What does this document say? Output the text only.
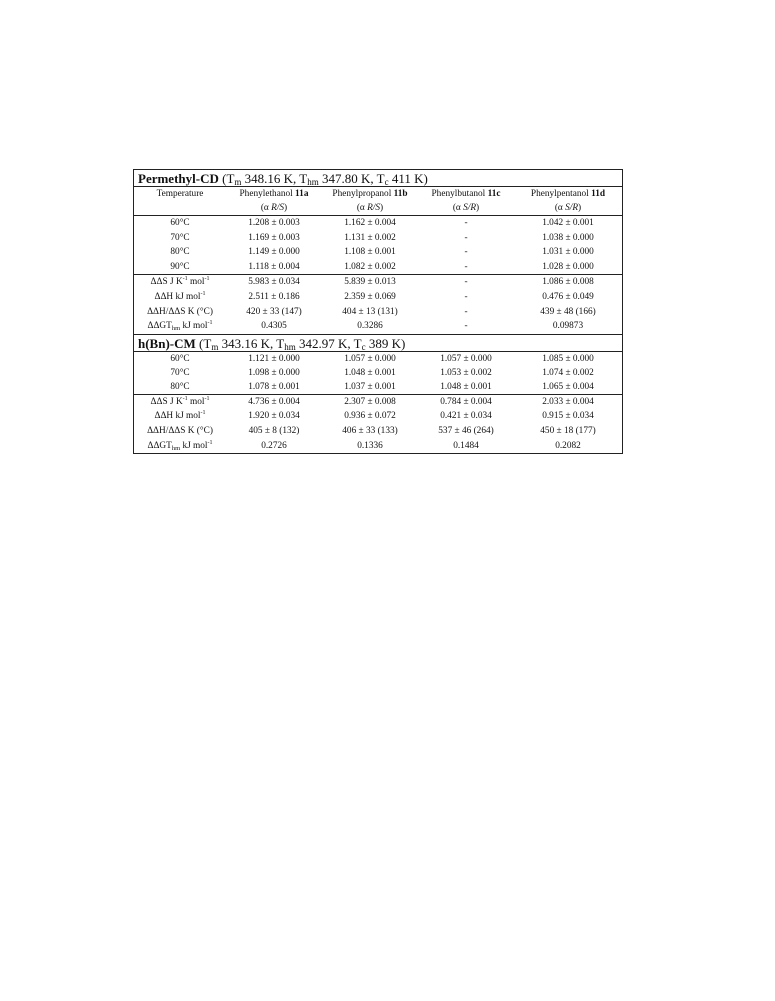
Permethyl-CD ($T_m$ 348.16 K, $T_{hm}$ 347.80 K, $T_c$ 411 K)
Temperature	Phenylethanol 11a	Phenylpropanol 11b	Phenylbutanol 11c	Phenylpentanol 11d
	(α R/S)	(α R/S)	(α S/R)	(α S/R)
60°C	1.208 ± 0.003	1.162 ± 0.004	-	1.042 ± 0.001
70°C	1.169 ± 0.003	1.131 ± 0.002	-	1.038 ± 0.000
80°C	1.149 ± 0.000	1.108 ± 0.001	-	1.031 ± 0.000
90°C	1.118 ± 0.004	1.082 ± 0.002	-	1.028 ± 0.000
ΔΔS J $K^{-1}$ mol$^{-1}$	5.983 ± 0.034	5.839 ± 0.013	-	1.086 ± 0.008
ΔΔH kJ mol$^{-1}$	2.511 ± 0.186	2.359 ± 0.069	-	0.476 ± 0.049
ΔΔH/ΔΔS K (°C)	420 ± 33 (147)	404 ± 13 (131)	-	439 ± 48 (166)
$\Delta\Delta GT_{hm}$ kJ mol$^{-1}$	0.4305	0.3286	-	0.09873
h(Bn)-CM ($T_m$ 343.16 K, $T_{hm}$ 342.97 K, $T_c$ 389 K)
60°C	1.121 ± 0.000	1.057 ± 0.000	1.057 ± 0.000	1.085 ± 0.000
70°C	1.098 ± 0.000	1.048 ± 0.001	1.053 ± 0.002	1.074 ± 0.002
80°C	1.078 ± 0.001	1.037 ± 0.001	1.048 ± 0.001	1.065 ± 0.004
ΔΔS J $K^{-1}$ mol$^{-1}$	4.736 ± 0.004	2.307 ± 0.008	0.784 ± 0.004	2.033 ± 0.004
ΔΔH kJ mol$^{-1}$	1.920 ± 0.034	0.936 ± 0.072	0.421 ± 0.034	0.915 ± 0.034
ΔΔH/ΔΔS K (°C)	405 ± 8 (132)	406 ± 33 (133)	537 ± 46 (264)	450 ± 18 (177)
$\Delta\Delta GT_{hm}$ kJ mol$^{-1}$	0.2726	0.1336	0.1484	0.2082
